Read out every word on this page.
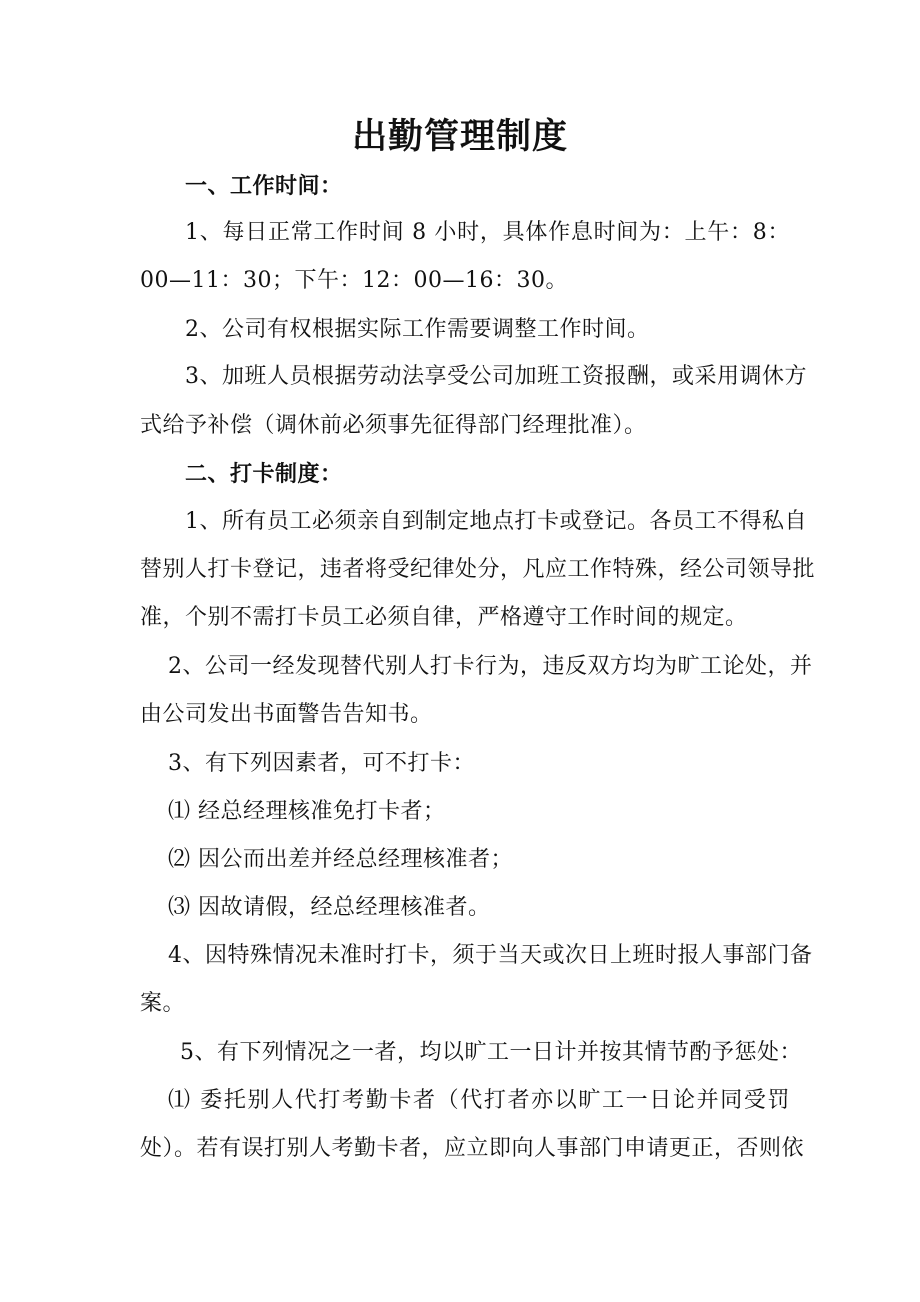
出勤管理制度
一、工作时间：
1、每日正常工作时间 8 小时，具体作息时间为：上午：8：
00—11：30；下午：12：00—16：30。
2、公司有权根据实际工作需要调整工作时间。
3、加班人员根据劳动法享受公司加班工资报酬，或采用调休方
式给予补偿（调休前必须事先征得部门经理批准）。
二、打卡制度：
1、所有员工必须亲自到制定地点打卡或登记。各员工不得私自
替别人打卡登记，违者将受纪律处分，凡应工作特殊，经公司领导批
准，个别不需打卡员工必须自律，严格遵守工作时间的规定。
2、公司一经发现替代别人打卡行为，违反双方均为旷工论处，并
由公司发出书面警告告知书。
3、有下列因素者，可不打卡：
⑴ 经总经理核准免打卡者；
⑵ 因公而出差并经总经理核准者；
⑶ 因故请假，经总经理核准者。
4、因特殊情况未准时打卡，须于当天或次日上班时报人事部门备
案。
5、有下列情况之一者，均以旷工一日计并按其情节酌予惩处：
⑴ 委托别人代打考勤卡者（代打者亦以旷工一日论并同受罚
处）。若有误打别人考勤卡者，应立即向人事部门申请更正，否则依
